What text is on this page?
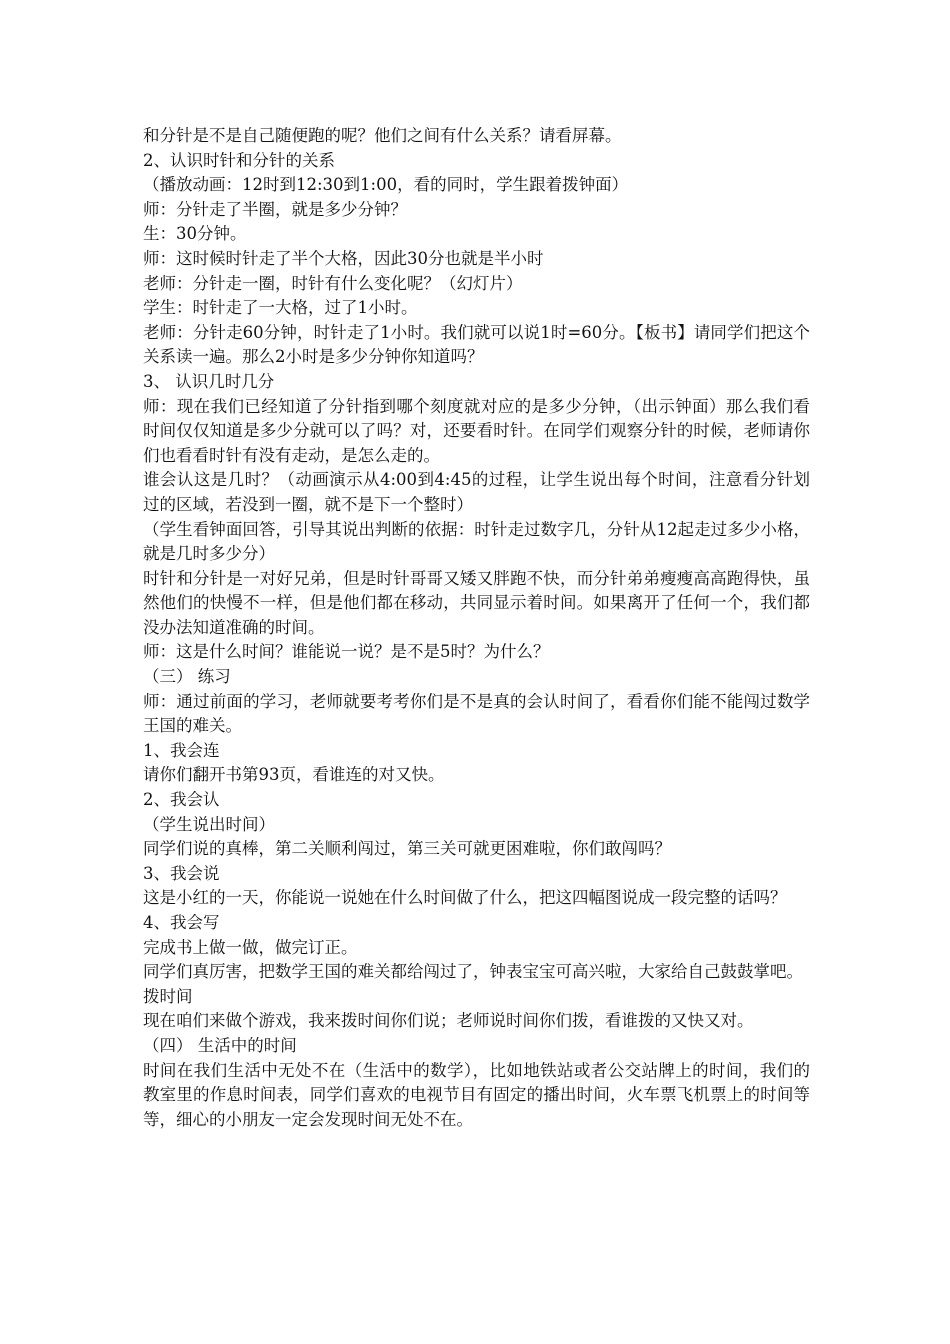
和分针是不是自己随便跑的呢？他们之间有什么关系？请看屏幕。

2、认识时针和分针的关系

（播放动画：12时到12:30到1:00，看的同时，学生跟着拨钟面）

师：分针走了半圈，就是多少分钟？

生：30分钟。

师：这时候时针走了半个大格，因此30分也就是半小时

老师：分针走一圈，时针有什么变化呢？（幻灯片）

学生：时针走了一大格，过了1小时。

老师：分针走60分钟，时针走了1小时。我们就可以说1时=60分。【板书】请同学们把这个关系读一遍。那么2小时是多少分钟你知道吗？

3、 认识几时几分

师：现在我们已经知道了分针指到哪个刻度就对应的是多少分钟，（出示钟面）那么我们看时间仅仅知道是多少分就可以了吗？对，还要看时针。在同学们观察分针的时候，老师请你们也看看时针有没有走动，是怎么走的。

谁会认这是几时？（动画演示从4:00到4:45的过程，让学生说出每个时间，注意看分针划过的区域，若没到一圈，就不是下一个整时）

（学生看钟面回答，引导其说出判断的依据：时针走过数字几，分针从12起走过多少小格，就是几时多少分）

时针和分针是一对好兄弟，但是时针哥哥又矮又胖跑不快，而分针弟弟瘦瘦高高跑得快，虽然他们的快慢不一样，但是他们都在移动，共同显示着时间。如果离开了任何一个，我们都没办法知道准确的时间。

师：这是什么时间？谁能说一说？是不是5时？为什么？

（三） 练习

师：通过前面的学习，老师就要考考你们是不是真的会认时间了，看看你们能不能闯过数学王国的难关。

1、我会连

请你们翻开书第93页，看谁连的对又快。

2、我会认

（学生说出时间）

同学们说的真棒，第二关顺利闯过，第三关可就更困难啦，你们敢闯吗？

3、我会说

这是小红的一天，你能说一说她在什么时间做了什么，把这四幅图说成一段完整的话吗？

4、我会写

完成书上做一做，做完订正。

同学们真厉害，把数学王国的难关都给闯过了，钟表宝宝可高兴啦，大家给自己鼓鼓掌吧。

拨时间

现在咱们来做个游戏，我来拨时间你们说；老师说时间你们拨，看谁拨的又快又对。

（四） 生活中的时间

时间在我们生活中无处不在（生活中的数学），比如地铁站或者公交站牌上的时间，我们的教室里的作息时间表，同学们喜欢的电视节目有固定的播出时间，火车票飞机票上的时间等等，细心的小朋友一定会发现时间无处不在。
